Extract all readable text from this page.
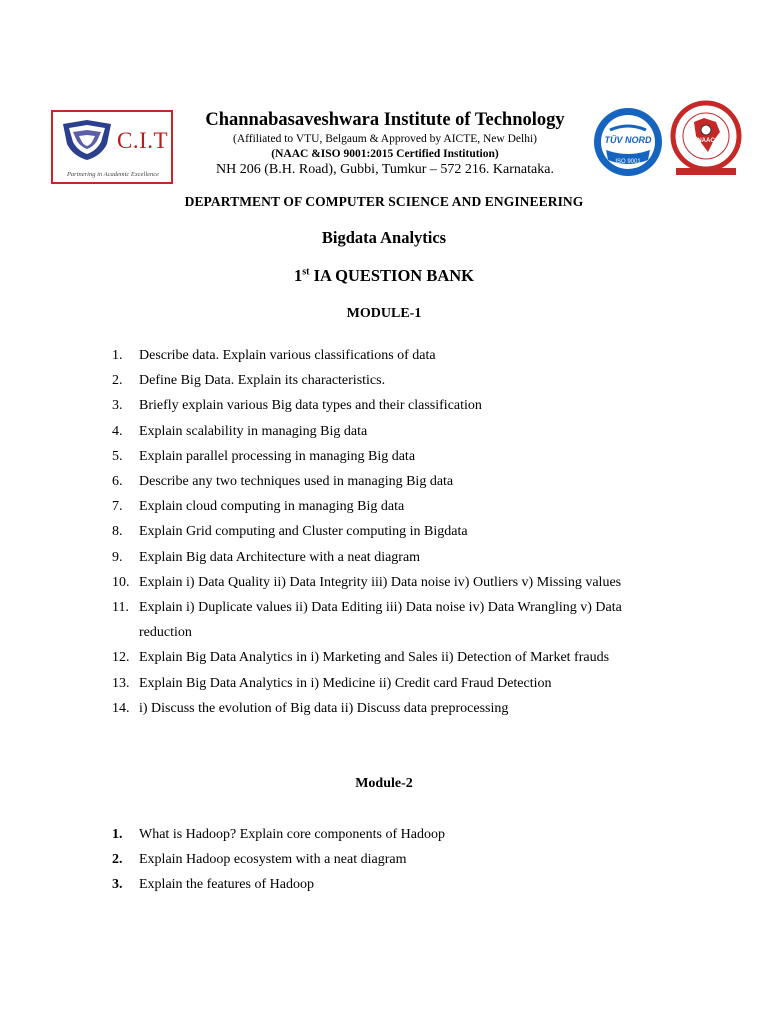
C.I.T
Partnering in Academic Excellence
Channabasaveshwara Institute of Technology
(Affiliated to VTU, Belgaum & Approved by AICTE, New Delhi)
(NAAC &ISO 9001:2015 Certified Institution)
NH 206 (B.H. Road), Gubbi, Tumkur – 572 216. Karnataka.
TÜV NORD
ISO 9001
NAAC
DEPARTMENT OF COMPUTER SCIENCE AND ENGINEERING
Bigdata Analytics
1st IA QUESTION BANK
MODULE-1
1. Describe data. Explain various classifications of data
2. Define Big Data. Explain its characteristics.
3. Briefly explain various Big data types and their classification
4. Explain scalability in managing Big data
5. Explain parallel processing in managing Big data
6. Describe any two techniques used in managing Big data
7. Explain cloud computing in managing Big data
8. Explain Grid computing and Cluster computing in Bigdata
9. Explain Big data Architecture with a neat diagram
10. Explain i) Data Quality ii) Data Integrity iii) Data noise iv) Outliers v) Missing values
11. Explain i) Duplicate values ii) Data Editing iii) Data noise iv) Data Wrangling v) Data reduction
12. Explain Big Data Analytics in i) Marketing and Sales ii) Detection of Market frauds
13. Explain Big Data Analytics in i) Medicine ii) Credit card Fraud Detection
14. i) Discuss the evolution of Big data ii) Discuss data preprocessing
Module-2
1. What is Hadoop? Explain core components of Hadoop
2. Explain Hadoop ecosystem with a neat diagram
3. Explain the features of Hadoop
